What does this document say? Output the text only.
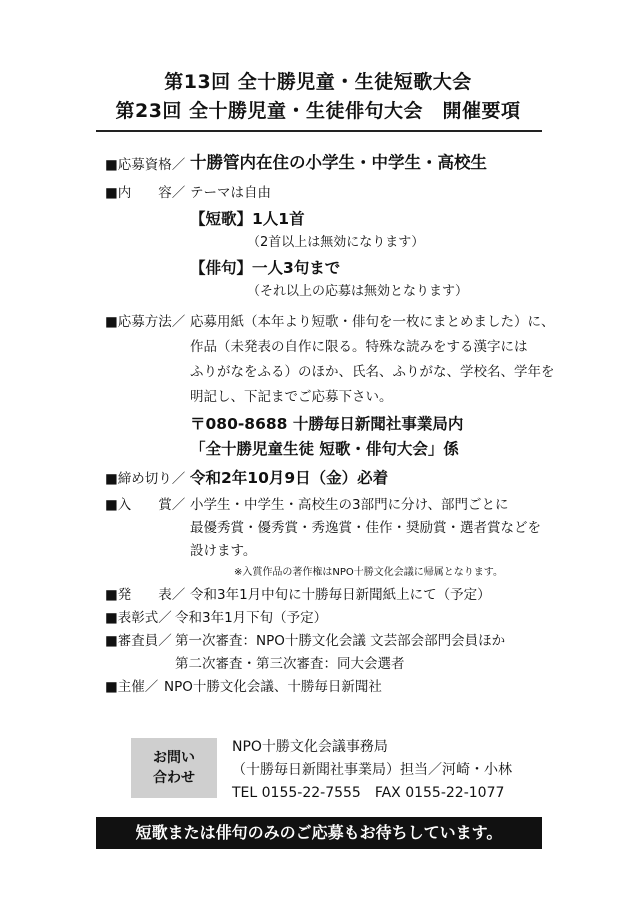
第13回 全十勝児童・生徒短歌大会
第23回 全十勝児童・生徒俳句大会　開催要項
■応募資格／ 十勝管内在住の小学生・中学生・高校生
■内　　容／ テーマは自由
【短歌】1人1首
（2首以上は無効になります）
【俳句】一人3句まで
（それ以上の応募は無効となります）
■応募方法／ 応募用紙（本年より短歌・俳句を一枚にまとめました）に、
作品（未発表の自作に限る。特殊な読みをする漢字には
ふりがなをふる）のほか、氏名、ふりがな、学校名、学年を
明記し、下記までご応募下さい。
〒080-8688 十勝毎日新聞社事業局内
「全十勝児童生徒 短歌・俳句大会」係
■締め切り／ 令和2年10月9日（金）必着
■入　　賞／ 小学生・中学生・高校生の3部門に分け、部門ごとに
最優秀賞・優秀賞・秀逸賞・佳作・奨励賞・選者賞などを
設けます。
※入賞作品の著作権はNPO十勝文化会議に帰属となります。
■発　　表／ 令和3年1月中旬に十勝毎日新聞紙上にて（予定）
■表彰式／ 令和3年1月下旬（予定）
■審査員／ 第一次審査：NPO十勝文化会議 文芸部会部門会員ほか
第二次審査・第三次審査：同大会選者
■主催／ NPO十勝文化会議、十勝毎日新聞社
お問い
合わせ
NPO十勝文化会議事務局
（十勝毎日新聞社事業局）担当／河崎・小林
TEL 0155-22-7555　FAX 0155-22-1077
短歌または俳句のみのご応募もお待ちしています。
